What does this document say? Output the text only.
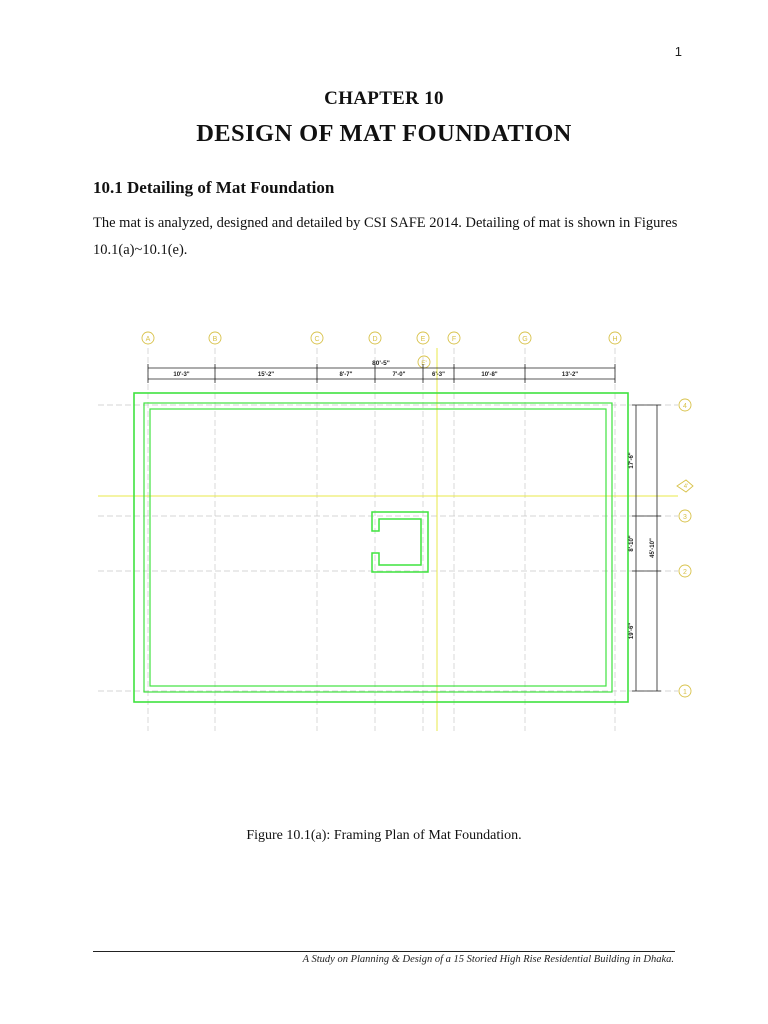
1
CHAPTER 10
DESIGN OF MAT FOUNDATION
10.1 Detailing of Mat Foundation

The mat is analyzed, designed and detailed by CSI SAFE 2014. Detailing of mat is shown in Figures 10.1(a)~10.1(e).

A	B	C	D	E	F	G	H
E'
4
3
2
1
4'
80'-5"
10'-3"	15'-2"	8'-7"	7'-0"	6'-3"	10'-8"	13'-2"
17'-6"
8'-10"
19'-6"
45'-10"
Figure 10.1(a): Framing Plan of Mat Foundation.
A Study on Planning & Design of a 15 Storied High Rise Residential Building in Dhaka.
